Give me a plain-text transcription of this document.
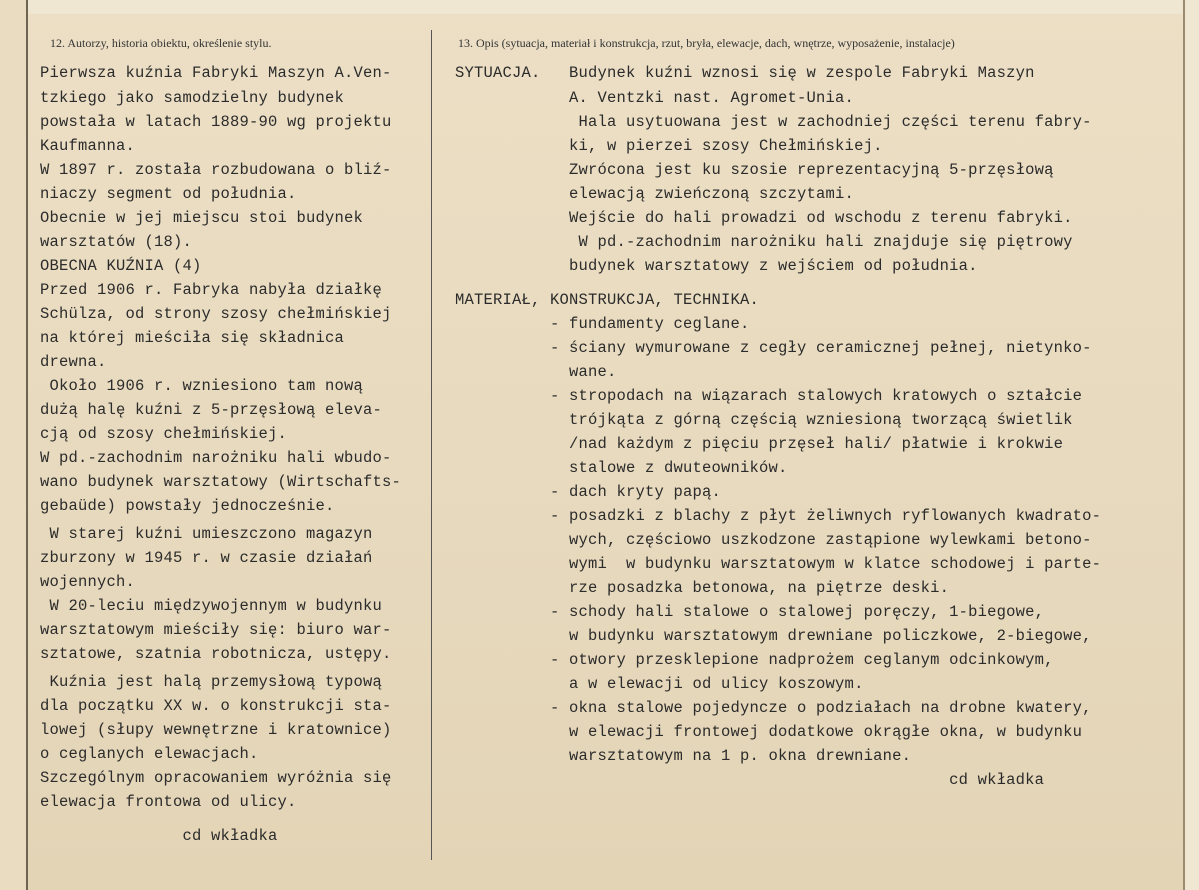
12. Autorzy, historia obiektu, określenie stylu.	13. Opis (sytuacja, materiał i konstrukcja, rzut, bryła, elewacje, dach, wnętrze, wyposażenie, instalacje)
Pierwsza kuźnia Fabryki Maszyn A.Ven-
tzkiego jako samodzielny budynek
powstała w latach 1889-90 wg projektu
Kaufmanna.
W 1897 r. została rozbudowana o bliź-
niaczy segment od południa.
Obecnie w jej miejscu stoi budynek
warsztatów (18).
OBECNA KUŹNIA (4)
Przed 1906 r. Fabryka nabyła działkę
Schülza, od strony szosy chełmińskiej
na której mieściła się składnica
drewna.
Około 1906 r. wzniesiono tam nową
dużą halę kuźni z 5-przęsłową eleva-
cją od szosy chełmińskiej.
W pd.-zachodnim narożniku hali wbudo-
wano budynek warsztatowy (Wirtschafts-
gebaüde) powstały jednocześnie.
W starej kuźni umieszczono magazyn
zburzony w 1945 r. w czasie działań
wojennych.
W 20-leciu międzywojennym w budynku
warsztatowym mieściły się: biuro war-
sztatowe, szatnia robotnicza, ustępy.
Kuźnia jest halą przemysłową typową
dla początku XX w. o konstrukcji sta-
lowej (słupy wewnętrzne i kratownice)
o ceglanych elewacjach.
Szczególnym opracowaniem wyróżnia się
elewacja frontowa od ulicy.
cd wkładka
SYTUACJA.   Budynek kuźni wznosi się w zespole Fabryki Maszyn
A. Ventzki nast. Agromet-Unia.
Hala usytuowana jest w zachodniej części terenu fabry-
ki, w pierzei szosy Chełmińskiej.
Zwrócona jest ku szosie reprezentacyjną 5-przęsłową
elewacją zwieńczoną szczytami.
Wejście do hali prowadzi od wschodu z terenu fabryki.
W pd.-zachodnim narożniku hali znajduje się piętrowy
budynek warsztatowy z wejściem od południa.
MATERIAŁ, KONSTRUKCJA, TECHNIKA.
- fundamenty ceglane.
- ściany wymurowane z cegły ceramicznej pełnej, nietynko-
wane.
- stropodach na wiązarach stalowych kratowych o ształcie
trójkąta z górną częścią wzniesioną tworzącą świetlik
/nad każdym z pięciu przęseł hali/ płatwie i krokwie
stalowe z dwuteowników.
- dach kryty papą.
- posadzki z blachy z płyt żeliwnych ryflowanych kwadrato-
wych, częściowo uszkodzone zastąpione wylewkami betono-
wymi  w budynku warsztatowym w klatce schodowej i parte-
rze posadzka betonowa, na piętrze deski.
- schody hali stalowe o stalowej poręczy, 1-biegowe,
w budynku warsztatowym drewniane policzkowe, 2-biegowe,
- otwory przesklepione nadprożem ceglanym odcinkowym,
a w elewacji od ulicy koszowym.
- okna stalowe pojedyncze o podziałach na drobne kwatery,
w elewacji frontowej dodatkowe okrągłe okna, w budynku
warsztatowym na 1 p. okna drewniane.
cd wkładka
